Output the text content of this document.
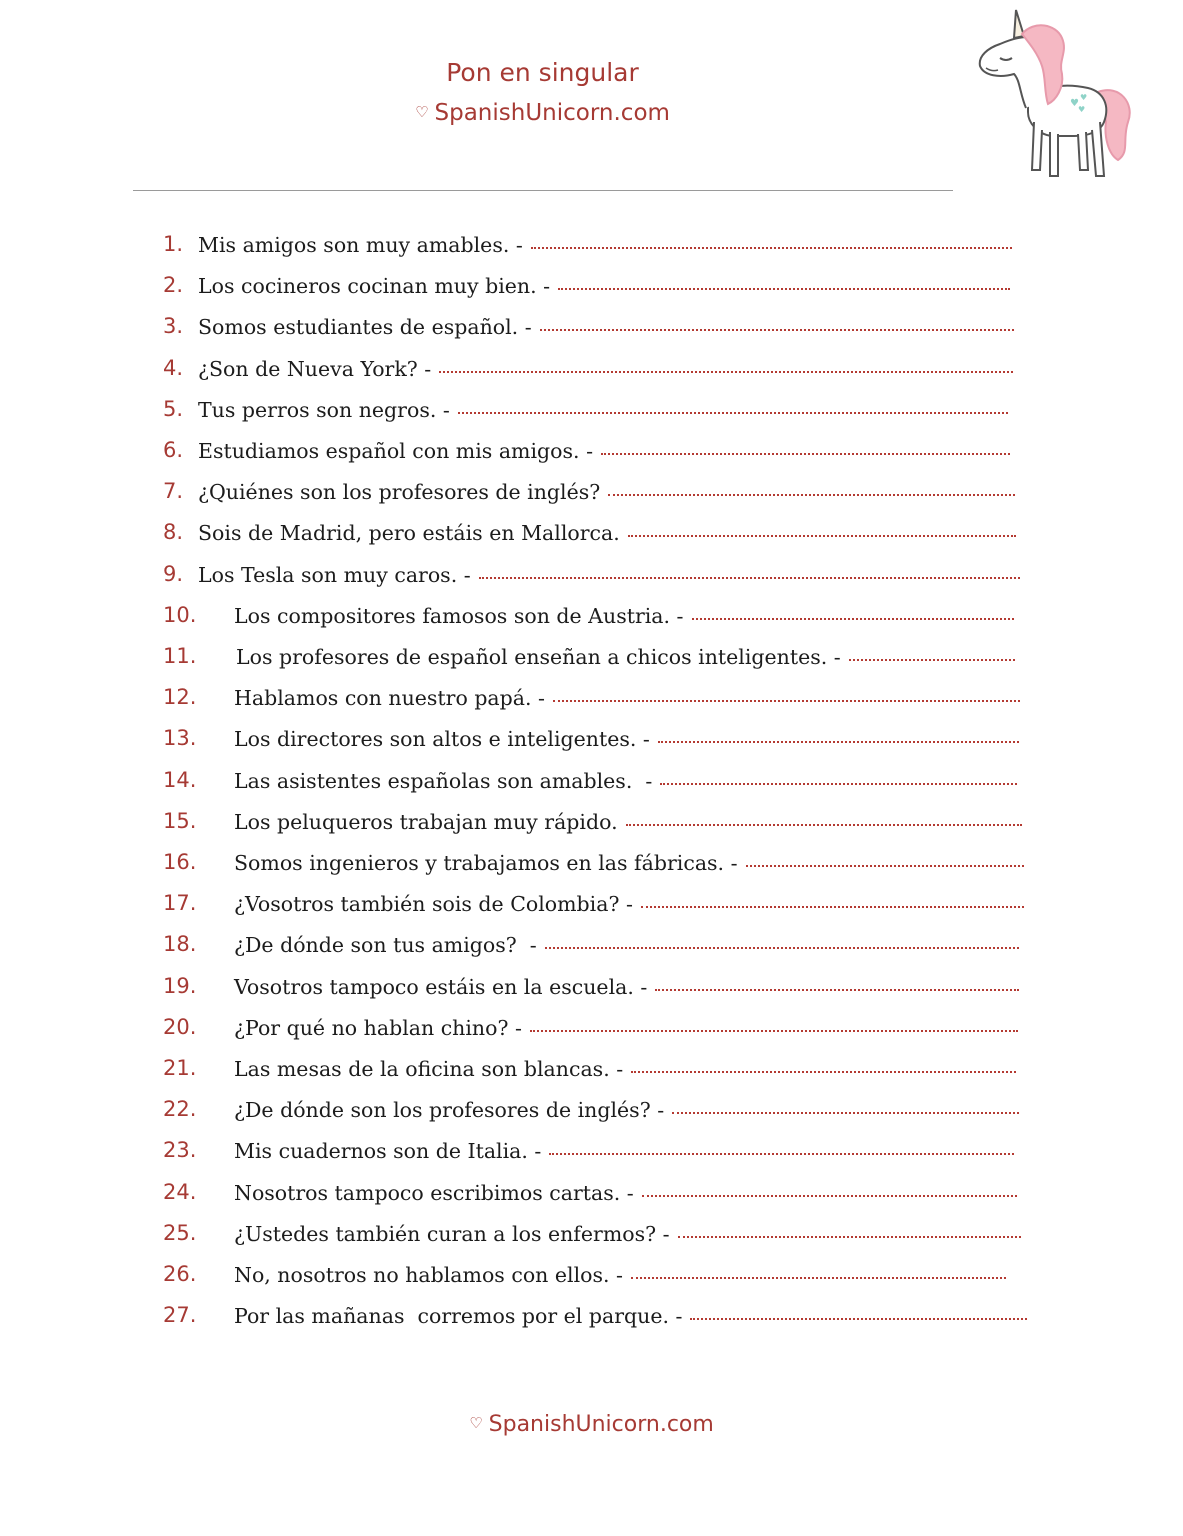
Pon en singular
♡ SpanishUnicorn.com	♥
♥
♥
1. Mis amigos son muy amables. -
2. Los cocineros cocinan muy bien. -
3. Somos estudiantes de español. -
4. ¿Son de Nueva York? -
5. Tus perros son negros. -
6. Estudiamos español con mis amigos. -
7. ¿Quiénes son los profesores de inglés?
8. Sois de Madrid, pero estáis en Mallorca.
9. Los Tesla son muy caros. -
10. Los compositores famosos son de Austria. -
11. Los profesores de español enseñan a chicos inteligentes. -
12. Hablamos con nuestro papá. -
13. Los directores son altos e inteligentes. -
14. Las asistentes españolas son amables.  -
15. Los peluqueros trabajan muy rápido.
16. Somos ingenieros y trabajamos en las fábricas. -
17. ¿Vosotros también sois de Colombia? -
18. ¿De dónde son tus amigos?  -
19. Vosotros tampoco estáis en la escuela. -
20. ¿Por qué no hablan chino? -
21. Las mesas de la oficina son blancas. -
22. ¿De dónde son los profesores de inglés? -
23. Mis cuadernos son de Italia. -
24. Nosotros tampoco escribimos cartas. -
25. ¿Ustedes también curan a los enfermos? -
26. No, nosotros no hablamos con ellos. -
27. Por las mañanas  corremos por el parque. -
♡ SpanishUnicorn.com
